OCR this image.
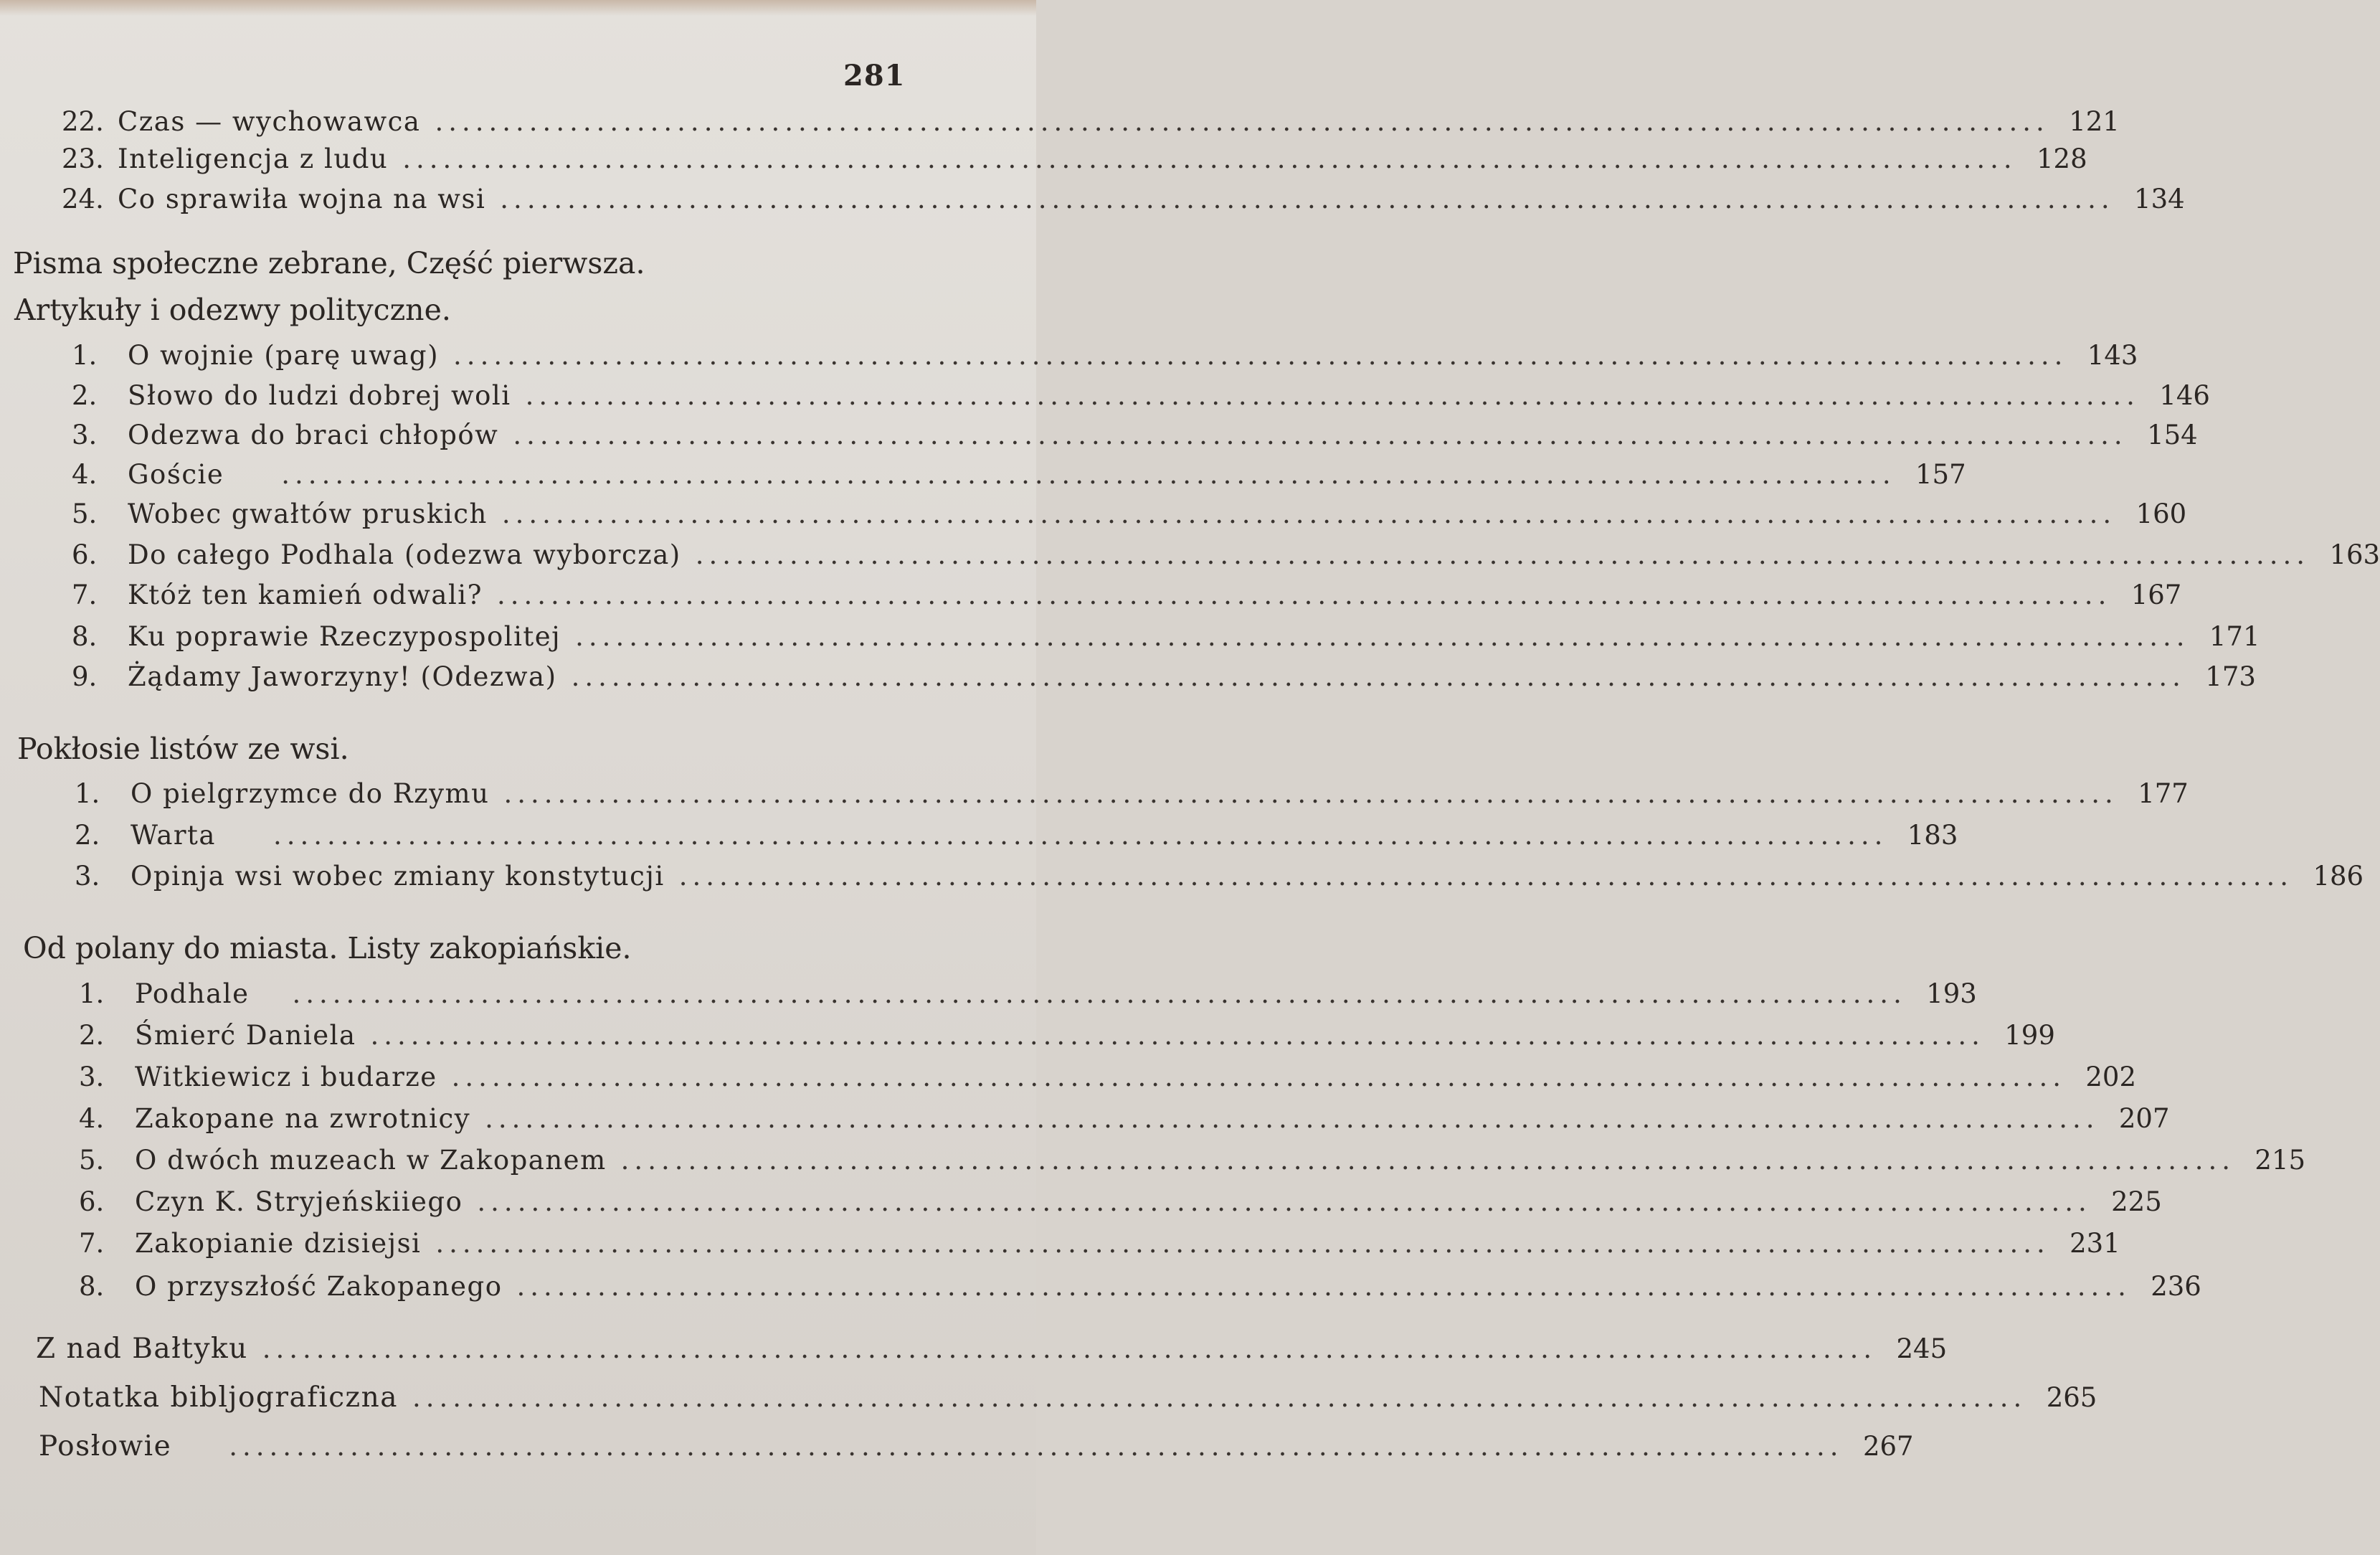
281
22. Czas — wychowawca ........................................................................................................................ 121
23. Inteligencja z ludu ........................................................................................................................ 128
24. Co sprawiła wojna na wsi ........................................................................................................................ 134
Pisma społeczne zebrane, Część pierwsza.
Artykuły i odezwy polityczne.
1.	O wojnie (parę uwag) ........................................................................................................................ 143
2.	Słowo do ludzi dobrej woli ........................................................................................................................ 146
3.	Odezwa do braci chłopów ........................................................................................................................ 154
4.	Goście ........................................................................................................................ 157
5.	Wobec gwałtów pruskich ........................................................................................................................ 160
6.	Do całego Podhala (odezwa wyborcza) ........................................................................................................................ 163
7.	Któż ten kamień odwali? ........................................................................................................................ 167
8.	Ku poprawie Rzeczypospolitej ........................................................................................................................ 171
9.	Żądamy Jaworzyny! (Odezwa) ........................................................................................................................ 173
Pokłosie listów ze wsi.
1.	O pielgrzymce do Rzymu ........................................................................................................................ 177
2.	Warta ........................................................................................................................ 183
3.	Opinja wsi wobec zmiany konstytucji ........................................................................................................................ 186
Od polany do miasta. Listy zakopiańskie.
1.	Podhale ........................................................................................................................ 193
2.	Śmierć Daniela ........................................................................................................................ 199
3.	Witkiewicz i budarze ........................................................................................................................ 202
4.	Zakopane na zwrotnicy ........................................................................................................................ 207
5.	O dwóch muzeach w Zakopanem ........................................................................................................................ 215
6.	Czyn K. Stryjeńskiiego ........................................................................................................................ 225
7.	Zakopianie dzisiejsi ........................................................................................................................ 231
8.	O przyszłość Zakopanego ........................................................................................................................ 236
Z nad Bałtyku ........................................................................................................................ 245
Notatka bibljograficzna ........................................................................................................................ 265
Posłowie ........................................................................................................................ 267
